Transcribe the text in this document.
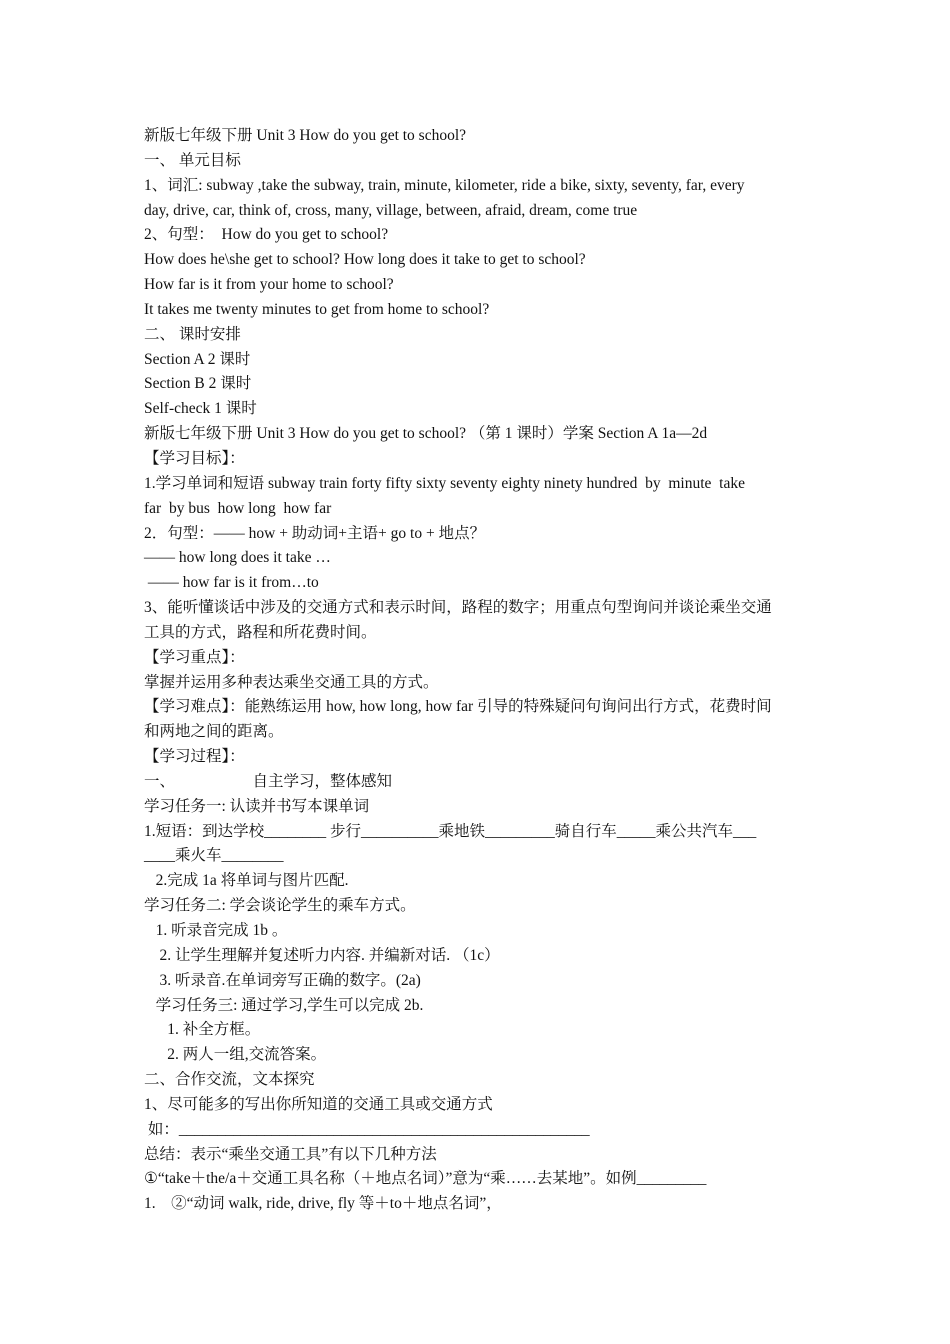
新版七年级下册 Unit 3 How do you get to school?
一、 单元目标
1、词汇: subway ,take the subway, train, minute, kilometer, ride a bike, sixty, seventy, far, every
day, drive, car, think of, cross, many, village, between, afraid, dream, come true
2、句型：  How do you get to school?
How does he\she get to school? How long does it take to get to school?
How far is it from your home to school?
It takes me twenty minutes to get from home to school?
二、 课时安排
Section A 2 课时
Section B 2 课时
Self-check 1 课时
新版七年级下册 Unit 3 How do you get to school? （第 1 课时）学案 Section A 1a—2d
【学习目标】：
1.学习单词和短语 subway train forty fifty sixty seventy eighty ninety hundred  by  minute  take
far  by bus  how long  how far
2．句型：—— how + 助动词+主语+ go to + 地点？
—— how long does it take …
—— how far is it from…to
3、能听懂谈话中涉及的交通方式和表示时间，路程的数字；用重点句型询问并谈论乘坐交通
工具的方式，路程和所花费时间。
【学习重点】：
掌握并运用多种表达乘坐交通工具的方式。
【学习难点】：能熟练运用 how, how long, how far 引导的特殊疑问句询问出行方式，花费时间
和两地之间的距离。
【学习过程】：
一、                    自主学习，整体感知
学习任务一: 认读并书写本课单词
1.短语：到达学校________ 步行__________乘地铁_________骑自行车_____乘公共汽车___
____乘火车________
2.完成 1a 将单词与图片匹配.
学习任务二: 学会谈论学生的乘车方式。
1. 听录音完成 1b 。
2. 让学生理解并复述听力内容. 并编新对话. （1c）
3. 听录音.在单词旁写正确的数字。(2a)
学习任务三: 通过学习,学生可以完成 2b.
1. 补全方框。
2. 两人一组,交流答案。
二、合作交流，文本探究
1、尽可能多的写出你所知道的交通工具或交通方式
如：_____________________________________________________
总结：表示“乘坐交通工具”有以下几种方法
①“take＋the/a＋交通工具名称（＋地点名词）”意为“乘……去某地”。如例_________
1.    ②“动词 walk, ride, drive, fly 等＋to＋地点名词”，
